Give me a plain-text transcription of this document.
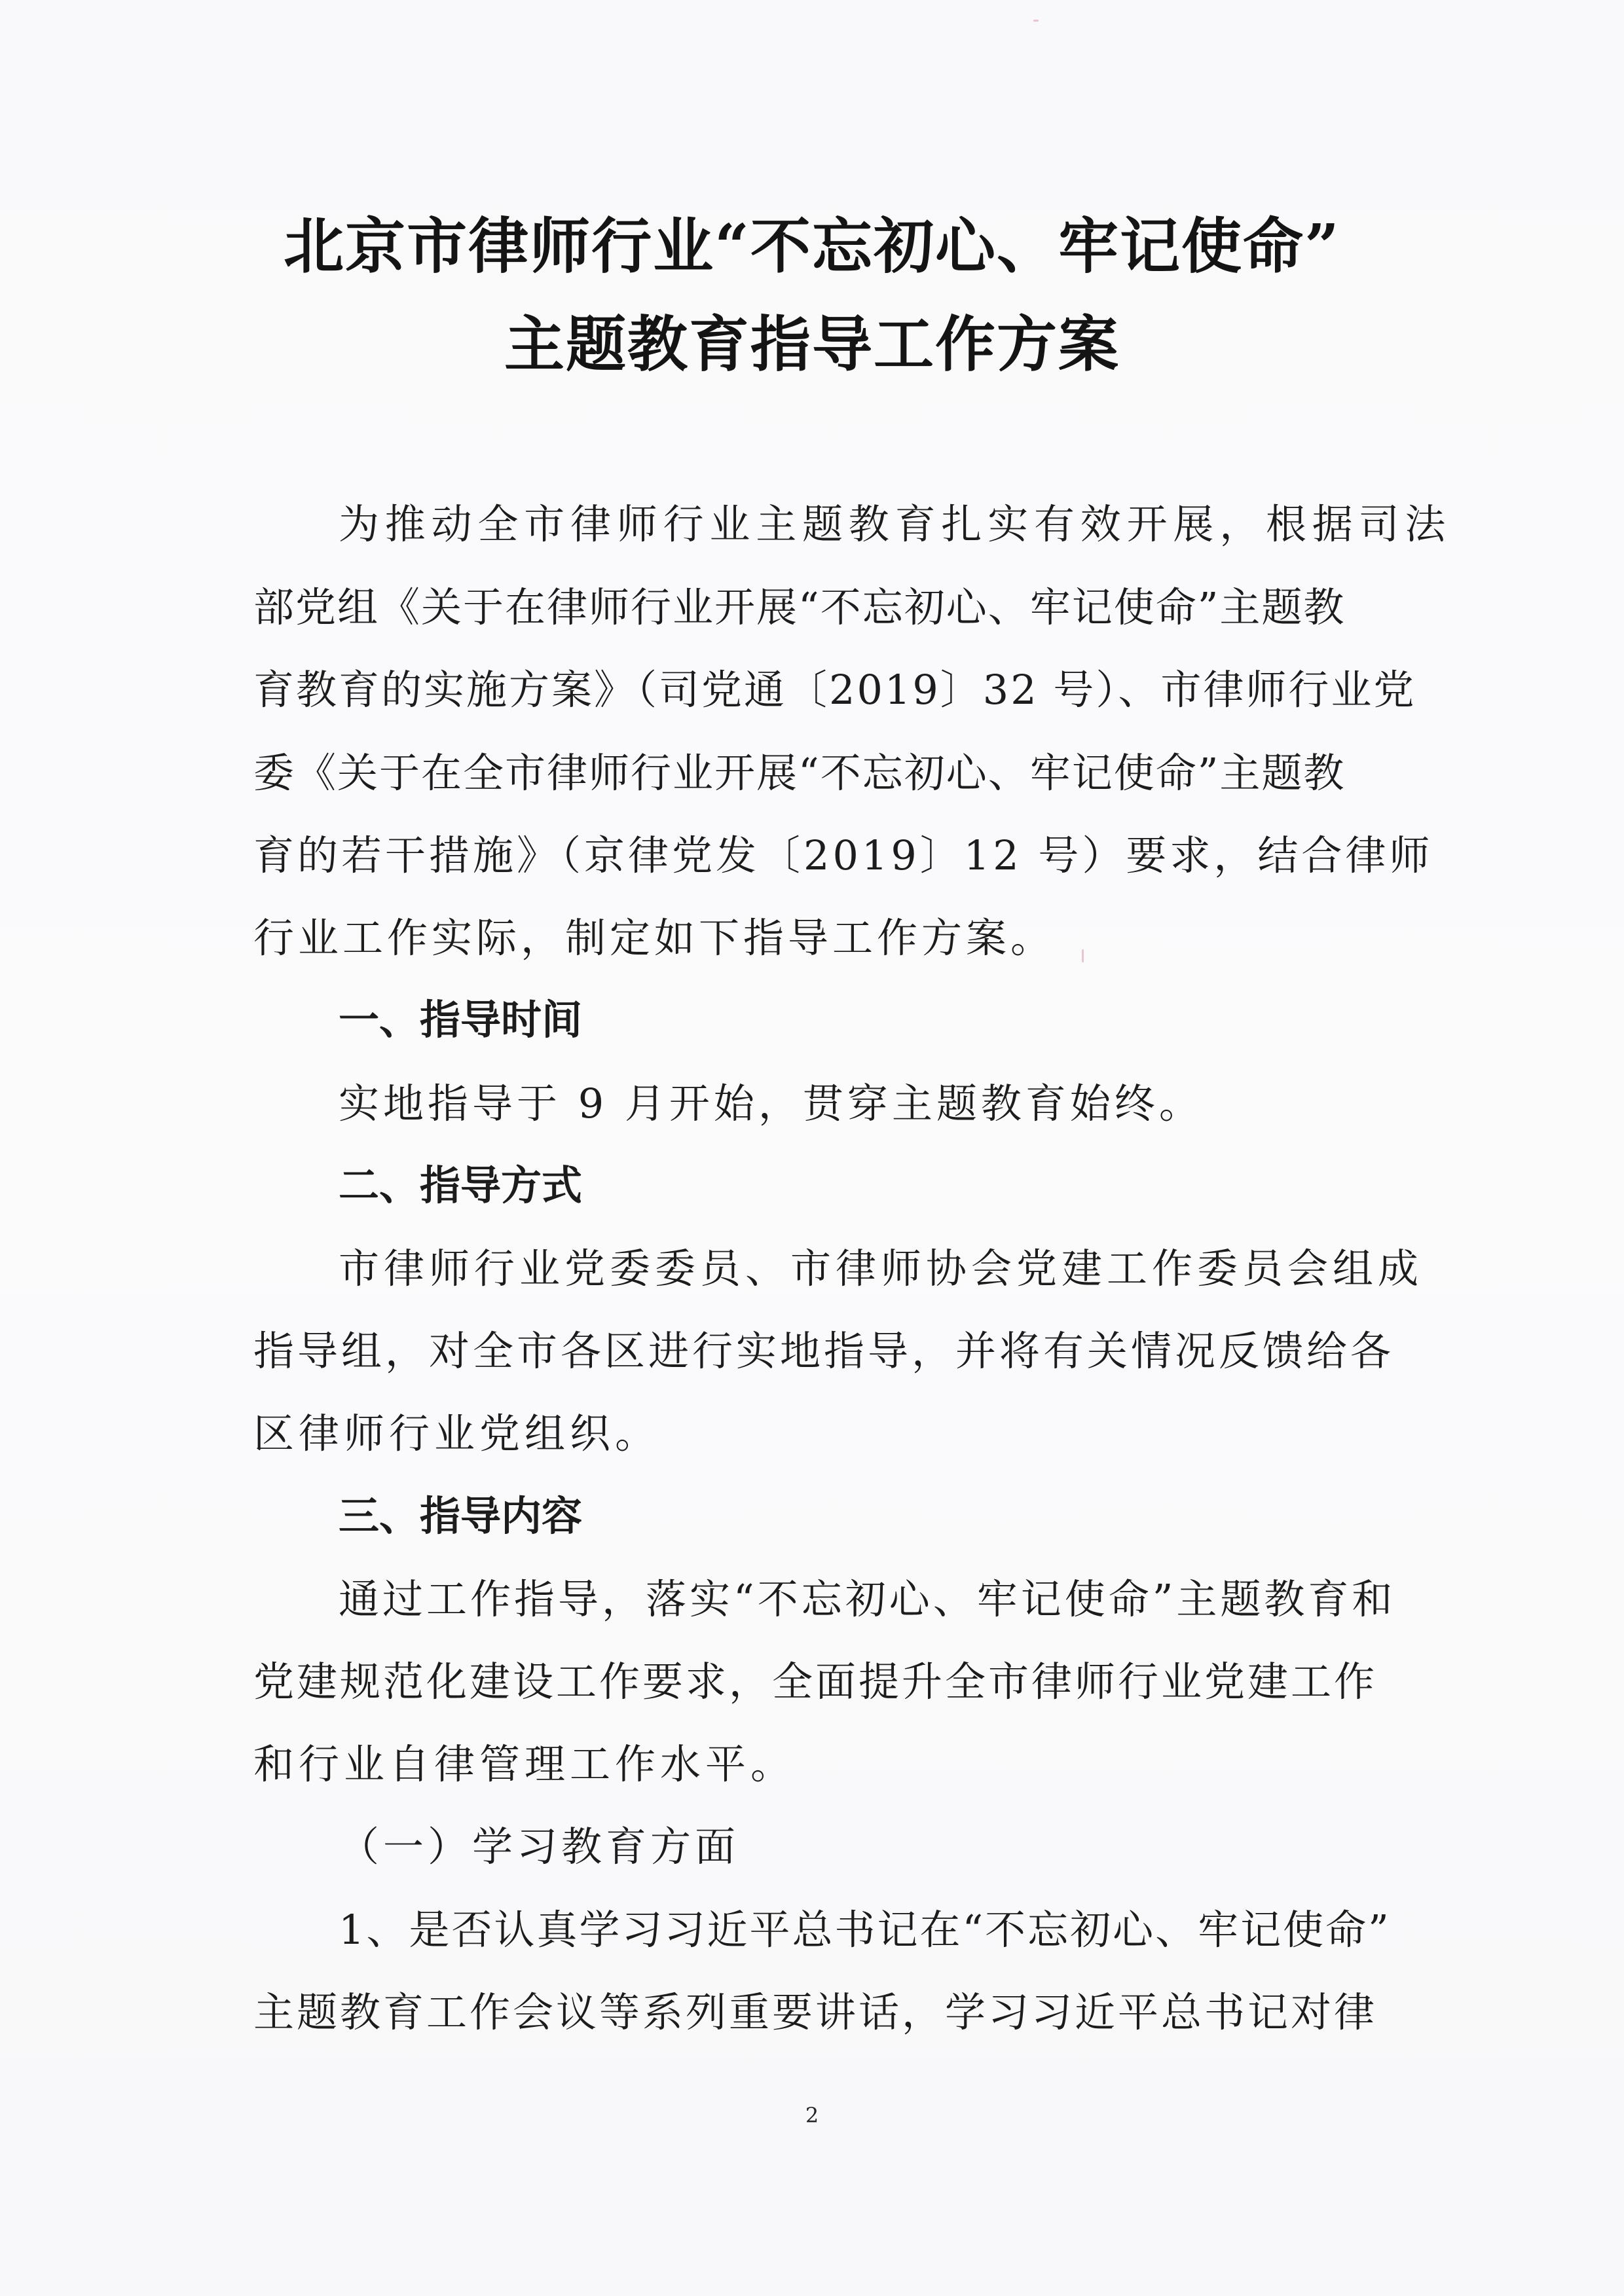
北京市律师行业“不忘初心、牢记使命”
主题教育指导工作方案
为推动全市律师行业主题教育扎实有效开展，根据司法
部党组《关于在律师行业开展“不忘初心、牢记使命”主题教
育教育的实施方案》（司党通〔2019〕32 号）、市律师行业党
委《关于在全市律师行业开展“不忘初心、牢记使命”主题教
育的若干措施》（京律党发〔2019〕12 号）要求，结合律师
行业工作实际，制定如下指导工作方案。
一、指导时间
实地指导于 9 月开始，贯穿主题教育始终。
二、指导方式
市律师行业党委委员、市律师协会党建工作委员会组成
指导组，对全市各区进行实地指导，并将有关情况反馈给各
区律师行业党组织。
三、指导内容
通过工作指导，落实“不忘初心、牢记使命”主题教育和
党建规范化建设工作要求，全面提升全市律师行业党建工作
和行业自律管理工作水平。
（一）学习教育方面
1、是否认真学习习近平总书记在“不忘初心、牢记使命”
主题教育工作会议等系列重要讲话，学习习近平总书记对律
2
